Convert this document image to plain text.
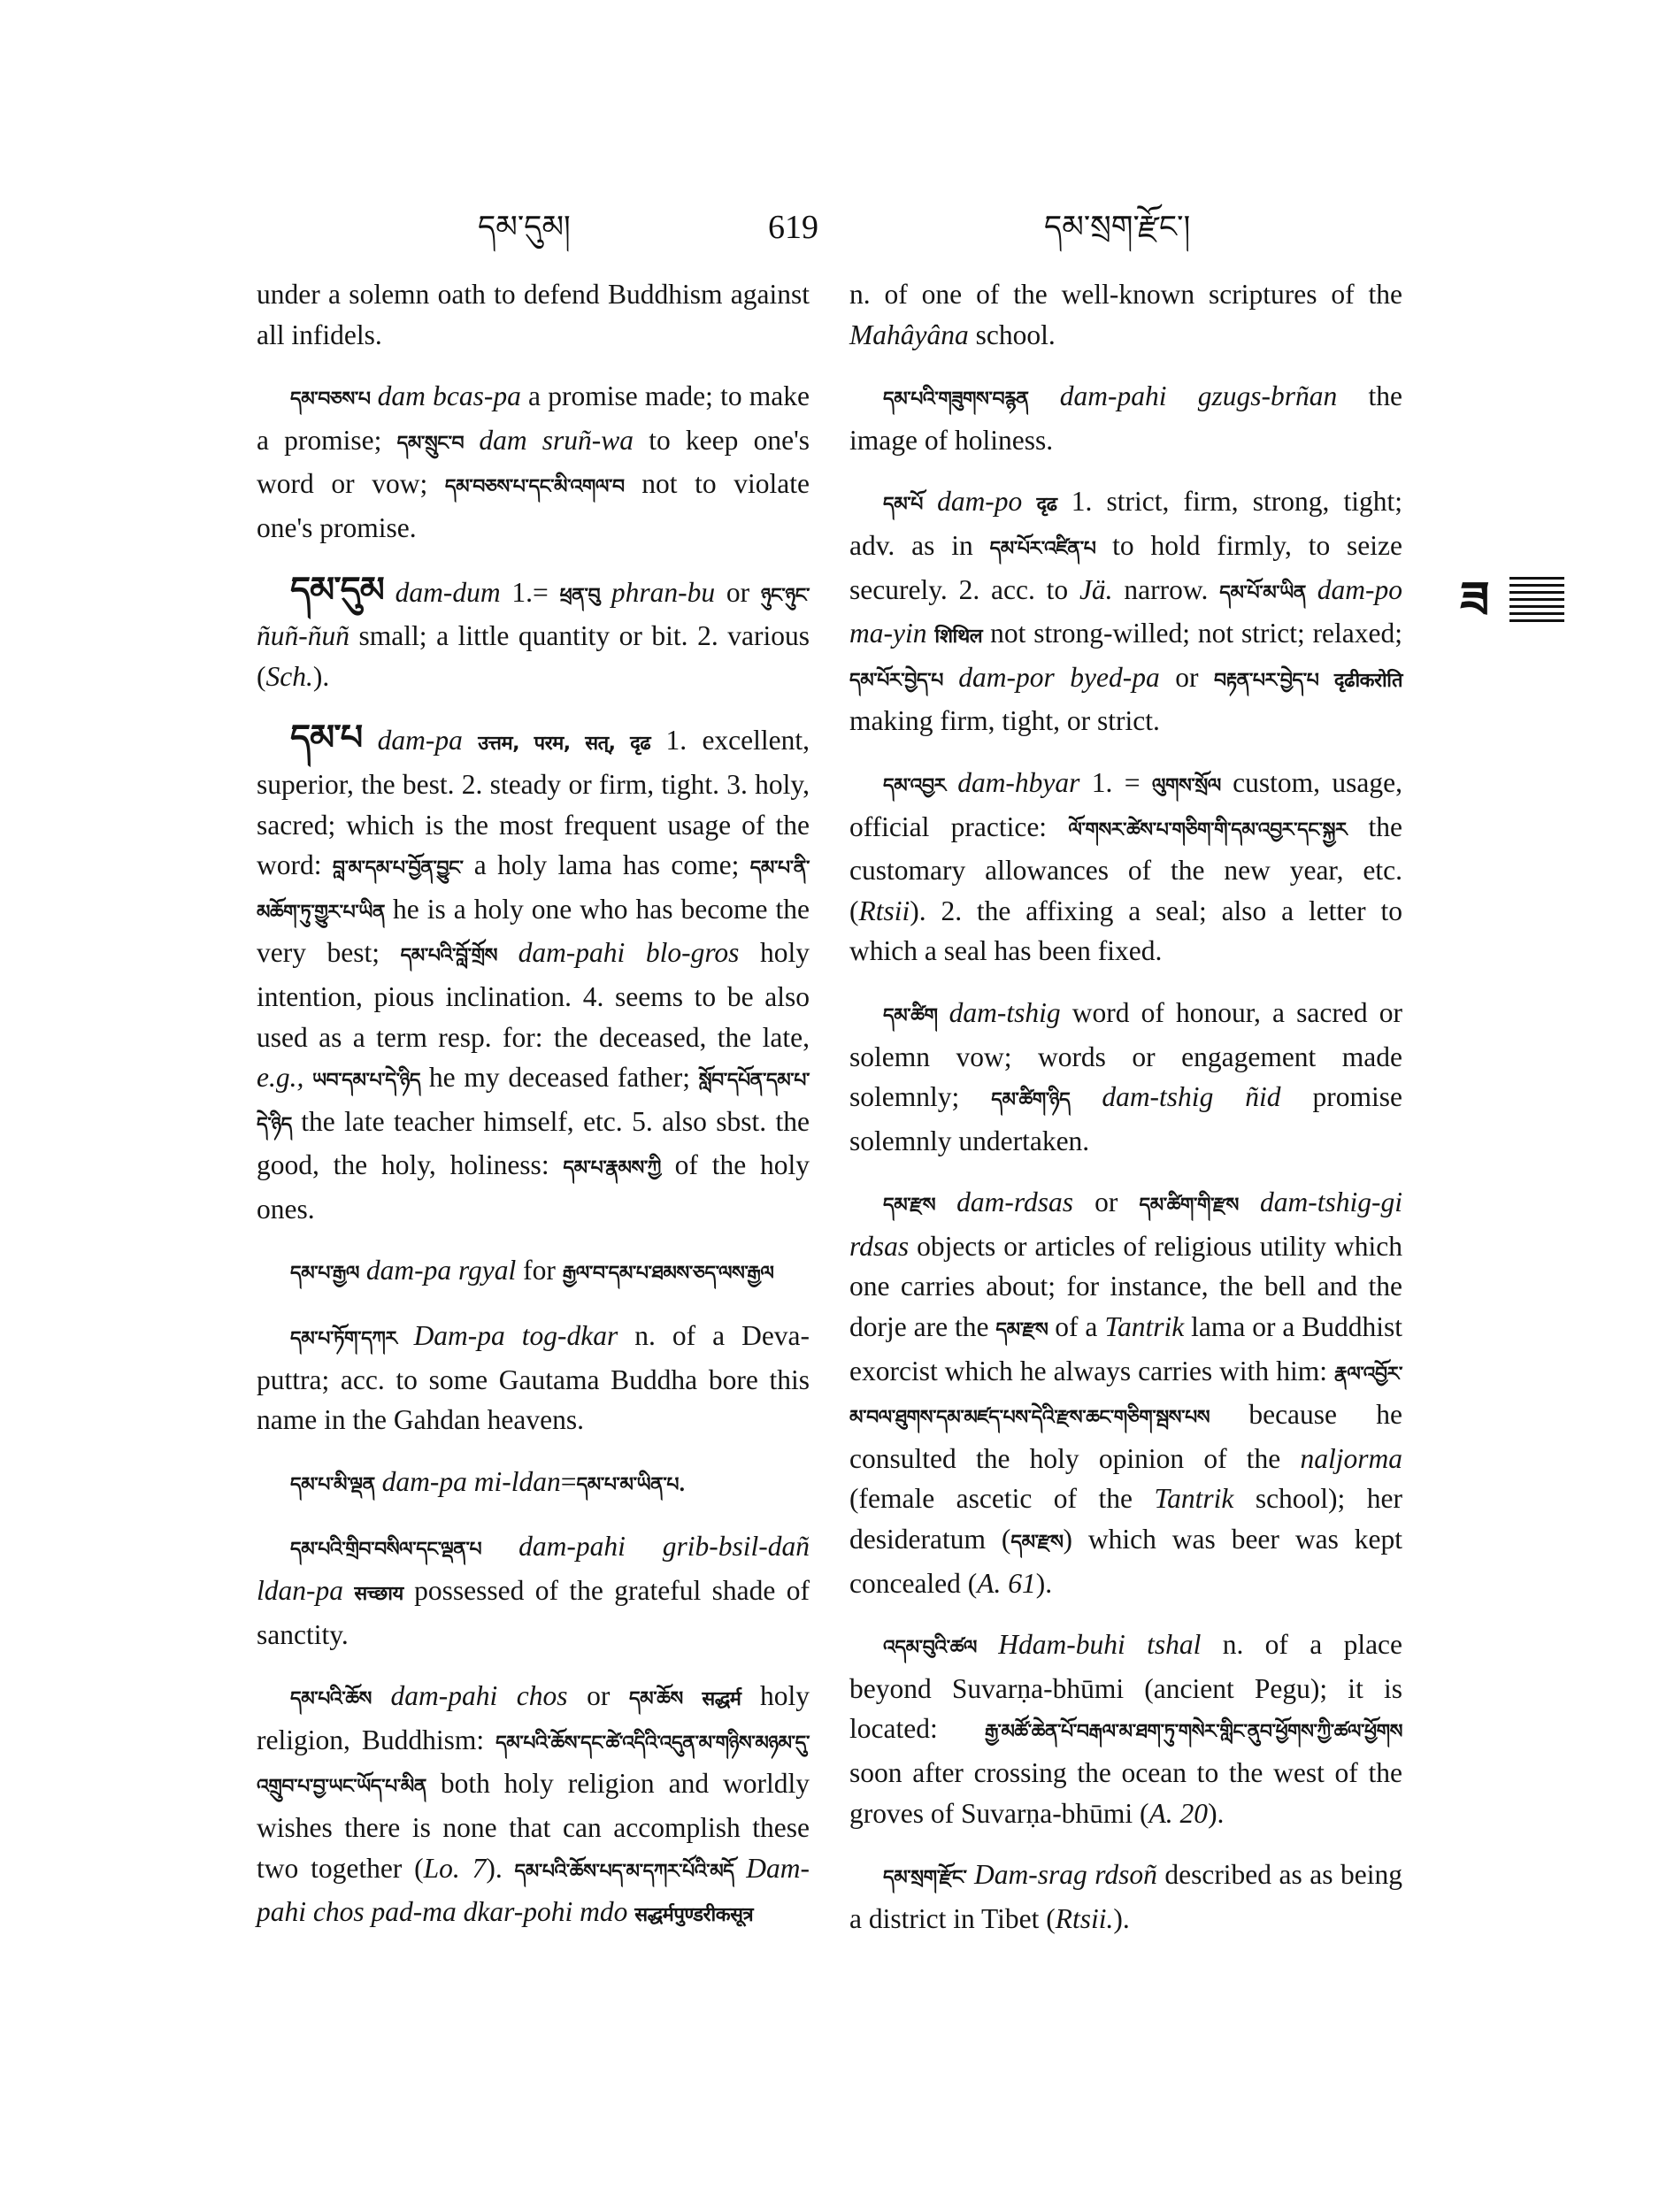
དམ་དུམ།	619	དམ་སྲག་རྫོང་།
ཟ

under a solemn oath to defend Buddhism against all infidels.

དམ་བཅས་པ dam bcas-pa a promise made; to make a promise; དམ་སྲུང་བ dam sruñ-wa to keep one's word or vow; དམ་བཅས་པ་དང་མི་འགལ་བ not to violate one's promise.

དམ་དུམ dam-dum 1.= ཕྲན་བུ phran-bu or ཉུང་ཉུང་ ñuñ-ñuñ small; a little quantity or bit. 2. various (Sch.).

དམ་པ dam-pa उत्तम, परम, सत्, दृढ 1. excellent, superior, the best. 2. steady or firm, tight. 3. holy, sacred; which is the most frequent usage of the word: བླ་མ་དམ་པ་བྱོན་བྱུང་ a holy lama has come; དམ་པ་ནི་མཆོག་ཏུ་གྱུར་པ་ཡིན he is a holy one who has become the very best; དམ་པའི་བློ་གྲོས dam-pahi blo-gros holy intention, pious inclination. 4. seems to be also used as a term resp. for: the deceased, the late, e.g., ཡབ་དམ་པ་དེ་ཉིད he my deceased father; སློབ་དཔོན་དམ་པ་དེ་ཉིད the late teacher himself, etc. 5. also sbst. the good, the holy, holiness: དམ་པ་རྣམས་ཀྱི of the holy ones.

དམ་པ་རྒྱལ dam-pa rgyal for རྒྱལ་བ་དམ་པ་ཐམས་ཅད་ལས་རྒྱལ

དམ་པ་ཏོག་དཀར Dam-pa tog-dkar n. of a Deva-puttra; acc. to some Gautama Buddha bore this name in the Gahdan heavens.

དམ་པ་མི་ལྡན dam-pa mi-ldan=དམ་པ་མ་ཡིན་པ.

དམ་པའི་གྲིབ་བསིལ་དང་ལྡན་པ dam-pahi grib-bsil-dañ ldan-pa सच्छाय possessed of the grateful shade of sanctity.

དམ་པའི་ཆོས dam-pahi chos or དམ་ཆོས सद्धर्म holy religion, Buddhism: དམ་པའི་ཆོས་དང་ཚེ་འདིའི་འདུན་མ་གཉིས་མཉམ་དུ་འགྲུབ་པ་བྱ་ཡང་ཡོད་པ་མིན both holy religion and worldly wishes there is none that can accomplish these two together (Lo. 7). དམ་པའི་ཆོས་པད་མ་དཀར་པོའི་མདོ Dam-pahi chos pad-ma dkar-pohi mdo सद्धर्मपुण्डरीकसूत्र

n. of one of the well-known scriptures of the Mahâyâna school.

དམ་པའི་གཟུགས་བརྙན dam-pahi gzugs-brñan the image of holiness.

དམ་པོ dam-po दृढ 1. strict, firm, strong, tight; adv. as in དམ་པོར་འཛིན་པ to hold firmly, to seize securely. 2. acc. to Jä. narrow. དམ་པོ་མ་ཡིན dam-po ma-yin शिथिल not strong-willed; not strict; relaxed; དམ་པོར་བྱེད་པ dam-por byed-pa or བརྟན་པར་བྱེད་པ दृढीकरोति making firm, tight, or strict.

དམ་འབྱར dam-hbyar 1. = ལུགས་སྲོལ custom, usage, official practice: ལོ་གསར་ཚེས་པ་གཅིག་གི་དམ་འབྱར་དང་སྐྱར the customary allowances of the new year, etc. (Rtsii). 2. the affixing a seal; also a letter to which a seal has been fixed.

དམ་ཚིག dam-tshig word of honour, a sacred or solemn vow; words or engagement made solemnly; དམ་ཚིག་ཉིད dam-tshig ñid promise solemnly undertaken.

དམ་རྫས dam-rdsas or དམ་ཚིག་གི་རྫས dam-tshig-gi rdsas objects or articles of religious utility which one carries about; for instance, the bell and the dorje are the དམ་རྫས of a Tantrik lama or a Buddhist exorcist which he always carries with him: རྣལ་འབྱོར་མ་བལ་ཐུགས་དམ་མཛད་པས་དེའི་རྫས་ཆང་གཅིག་སྦས་པས because he consulted the holy opinion of the naljorma (female ascetic of the Tantrik school); her desideratum (དམ་རྫས) which was beer was kept concealed (A. 61).

འདམ་བུའི་ཚལ Hdam-buhi tshal n. of a place beyond Suvarṇa-bhūmi (ancient Pegu); it is located: རྒྱ་མཚོ་ཆེན་པོ་བརྒལ་མ་ཐག་ཏུ་གསེར་གླིང་ནུབ་ཕྱོགས་ཀྱི་ཚལ་ཕྱོགས soon after crossing the ocean to the west of the groves of Suvarṇa-bhūmi (A. 20).

དམ་སྲག་རྫོང་ Dam-srag rdsoñ described as as being a district in Tibet (Rtsii.).
